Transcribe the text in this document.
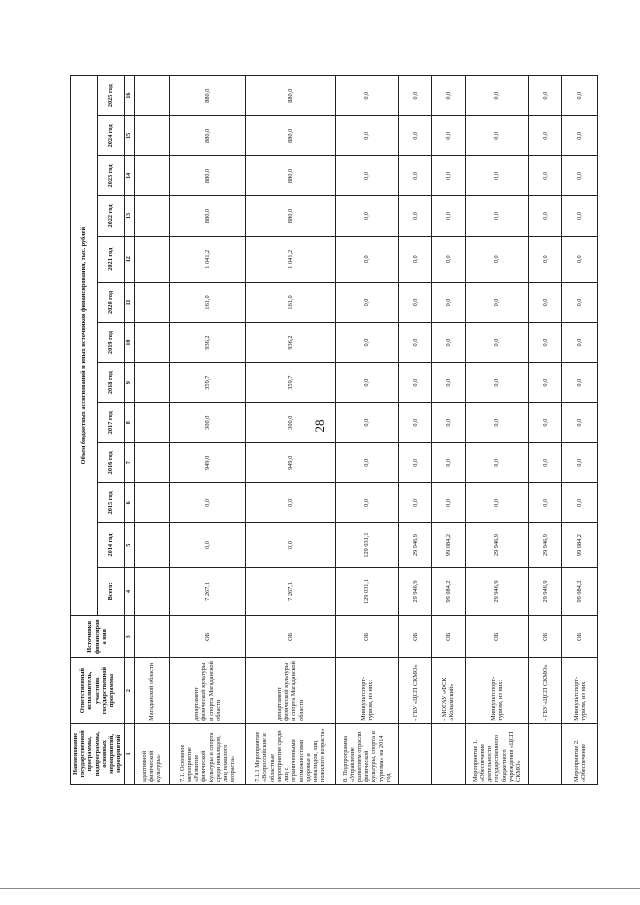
28
Наименование государственной программы, подпрограммы, основных мероприятий, мероприятий	Ответственный исполнитель, участник государственной программы	Источники финансирова ния	Объем бюджетных ассигнований и иных источников финансирования, тыс. рублей												
			Всего:	2014 год	2015 год	2016 год	2017 год	2018 год	2019 год	2020 год	2021 год	2022 год	2023 год	2024 год	2025 год
1	2	3	4	5	6	7	8	9	10	11	12	13	14	15	16
адаптивной физической культуры»	Магаданской области														
7.1. Основное мероприятие «Развитие физической культуры и спорта среди инвалидов, лиц пожилого возраста»	департамент физической культуры и спорта Магаданской области	ОБ	7 267,1	0,0	0,0	949,0	300,0	359,7	936,2	161,0	1 041,2	880,0	880,0	880,0	880,0
7.1.1 Мероприятие «Всероссийские и областные мероприятия среди лиц с ограниченными возможностями здоровья и инвалидов, лиц пожилого возраста»	департамент физической культуры и спорта Магаданской области	ОБ	7 267,1	0,0	0,0	949,0	300,0	359,7	936,2	161,0	1 041,2	880,0	880,0	880,0	880,0
8. Подпрограмма «Управление развитием отрасли физической культуры, спорта и туризма» на 2014 год	Минкультспорт-туризм, из них:	ОБ	129 031,1	129 031,1	0,0	0,0	0,0	0,0	0,0	0,0	0,0	0,0	0,0	0,0	0,0
	- ГБУ «ЦСП СКМО»	ОБ	29 946,9	29 946,9	0,0	0,0	0,0	0,0	0,0	0,0	0,0	0,0	0,0	0,0	0,0
	- МОГАУ «ФСК «Колымский»	ОБ	99 084,2	99 084,2	0,0	0,0	0,0	0,0	0,0	0,0	0,0	0,0	0,0	0,0	0,0
Мероприятие 1. «Обеспечение деятельности государственного бюджетного учреждения «ЦСП СКМО»	Минкультспорт-туризм, из них:	ОБ	29 946,9	29 946,9	0,0	0,0	0,0	0,0	0,0	0,0	0,0	0,0	0,0	0,0	0,0
	- ГБУ «ЦСП СКМО»	ОБ	29 946,9	29 946,9	0,0	0,0	0,0	0,0	0,0	0,0	0,0	0,0	0,0	0,0	0,0
Мероприятие 2. «Обеспечение	Минкультспорт-туризм, из них	ОБ	99 084,2	99 084,2	0,0	0,0	0,0	0,0	0,0	0,0	0,0	0,0	0,0	0,0	0,0
